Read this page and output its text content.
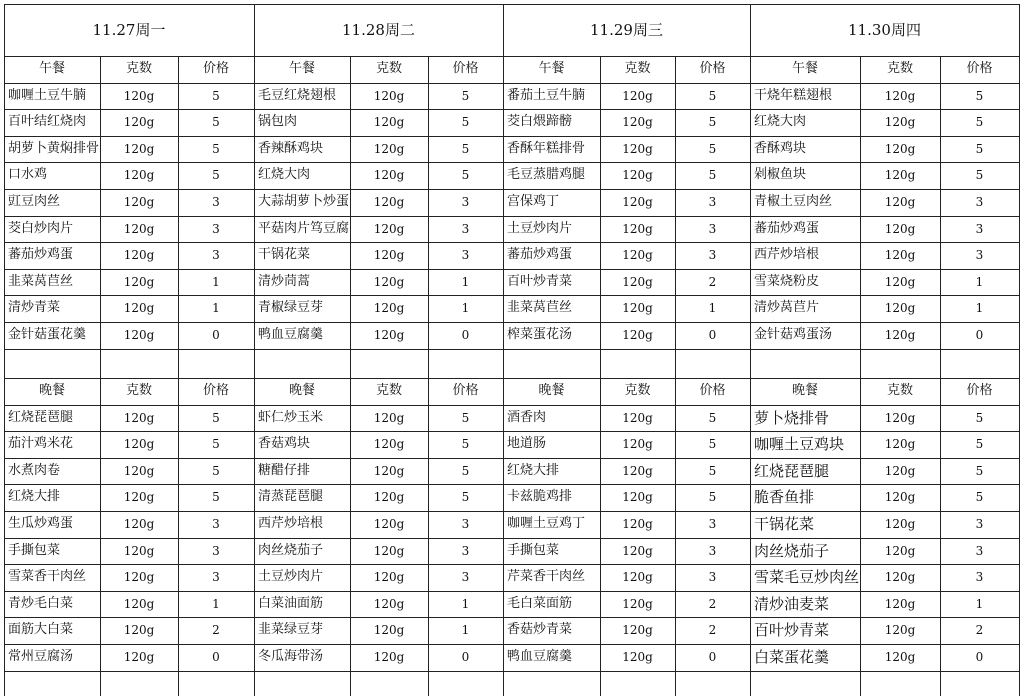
11.27周一
午餐	克数	价格
咖喱土豆牛腩	120g	5
百叶结红烧肉	120g	5
胡萝卜黄焖排骨	120g	5
口水鸡	120g	5
豇豆肉丝	120g	3
茭白炒肉片	120g	3
蕃茄炒鸡蛋	120g	3
韭菜莴苣丝	120g	1
清炒青菜	120g	1
金针菇蛋花羹	120g	0
晚餐	克数	价格
红烧琵琶腿	120g	5
茄汁鸡米花	120g	5
水煮肉卷	120g	5
红烧大排	120g	5
生瓜炒鸡蛋	120g	3
手撕包菜	120g	3
雪菜香干肉丝	120g	3
青炒毛白菜	120g	1
面筋大白菜	120g	2
常州豆腐汤	120g	0
11.28周二
午餐	克数	价格
毛豆红烧翅根	120g	5
锅包肉	120g	5
香辣酥鸡块	120g	5
红烧大肉	120g	5
大蒜胡萝卜炒蛋	120g	3
平菇肉片笃豆腐	120g	3
干锅花菜	120g	3
清炒茼蒿	120g	1
青椒绿豆芽	120g	1
鸭血豆腐羹	120g	0
晚餐	克数	价格
虾仁炒玉米	120g	5
香菇鸡块	120g	5
糖醋仔排	120g	5
清蒸琵琶腿	120g	5
西芹炒培根	120g	3
肉丝烧茄子	120g	3
土豆炒肉片	120g	3
白菜油面筋	120g	1
韭菜绿豆芽	120g	1
冬瓜海带汤	120g	0
11.29周三
午餐	克数	价格
番茄土豆牛腩	120g	5
茭白煨蹄髈	120g	5
香酥年糕排骨	120g	5
毛豆蒸腊鸡腿	120g	5
宫保鸡丁	120g	3
土豆炒肉片	120g	3
蕃茄炒鸡蛋	120g	3
百叶炒青菜	120g	2
韭菜莴苣丝	120g	1
榨菜蛋花汤	120g	0
晚餐	克数	价格
酒香肉	120g	5
地道肠	120g	5
红烧大排	120g	5
卡兹脆鸡排	120g	5
咖喱土豆鸡丁	120g	3
手撕包菜	120g	3
芹菜香干肉丝	120g	3
毛白菜面筋	120g	2
香菇炒青菜	120g	2
鸭血豆腐羹	120g	0
11.30周四
午餐	克数	价格
干烧年糕翅根	120g	5
红烧大肉	120g	5
香酥鸡块	120g	5
剁椒鱼块	120g	5
青椒土豆肉丝	120g	3
蕃茄炒鸡蛋	120g	3
西芹炒培根	120g	3
雪菜烧粉皮	120g	1
清炒莴苣片	120g	1
金针菇鸡蛋汤	120g	0
晚餐	克数	价格
萝卜烧排骨	120g	5
咖喱土豆鸡块	120g	5
红烧琵琶腿	120g	5
脆香鱼排	120g	5
干锅花菜	120g	3
肉丝烧茄子	120g	3
雪菜毛豆炒肉丝	120g	3
清炒油麦菜	120g	1
百叶炒青菜	120g	2
白菜蛋花羹	120g	0
